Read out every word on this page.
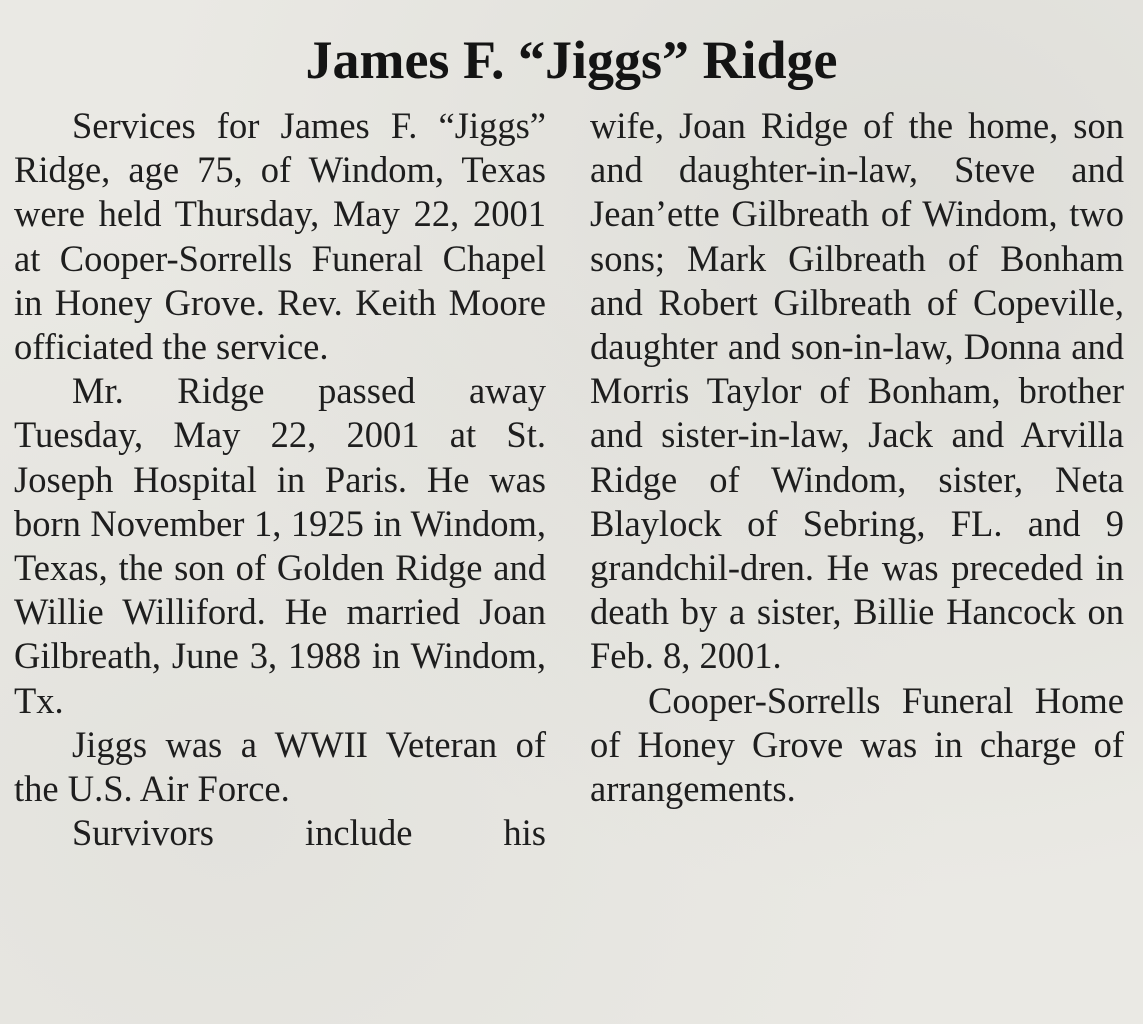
James F. “Jiggs” Ridge

Services for James F. “Jiggs” Ridge, age 75, of Windom, Texas were held Thursday, May 22, 2001 at Cooper-Sorrells Funeral Chapel in Honey Grove. Rev. Keith Moore officiated the service.

Mr. Ridge passed away Tuesday, May 22, 2001 at St. Joseph Hospital in Paris. He was born November 1, 1925 in Windom, Texas, the son of Golden Ridge and Willie Williford. He married Joan Gilbreath, June 3, 1988 in Windom, Tx.

Jiggs was a WWII Veteran of the U.S. Air Force.

Survivors include his

wife, Joan Ridge of the home, son and daughter-in-law, Steve and Jean’ette Gilbreath of Windom, two sons; Mark Gilbreath of Bonham and Robert Gilbreath of Copeville, daughter and son-in-law, Donna and Morris Taylor of Bonham, brother and sister-in-law, Jack and Arvilla Ridge of Windom, sister, Neta Blaylock of Sebring, FL. and 9 grandchil-dren. He was preceded in death by a sister, Billie Hancock on Feb. 8, 2001.

Cooper-Sorrells Funeral Home of Honey Grove was in charge of arrangements.
